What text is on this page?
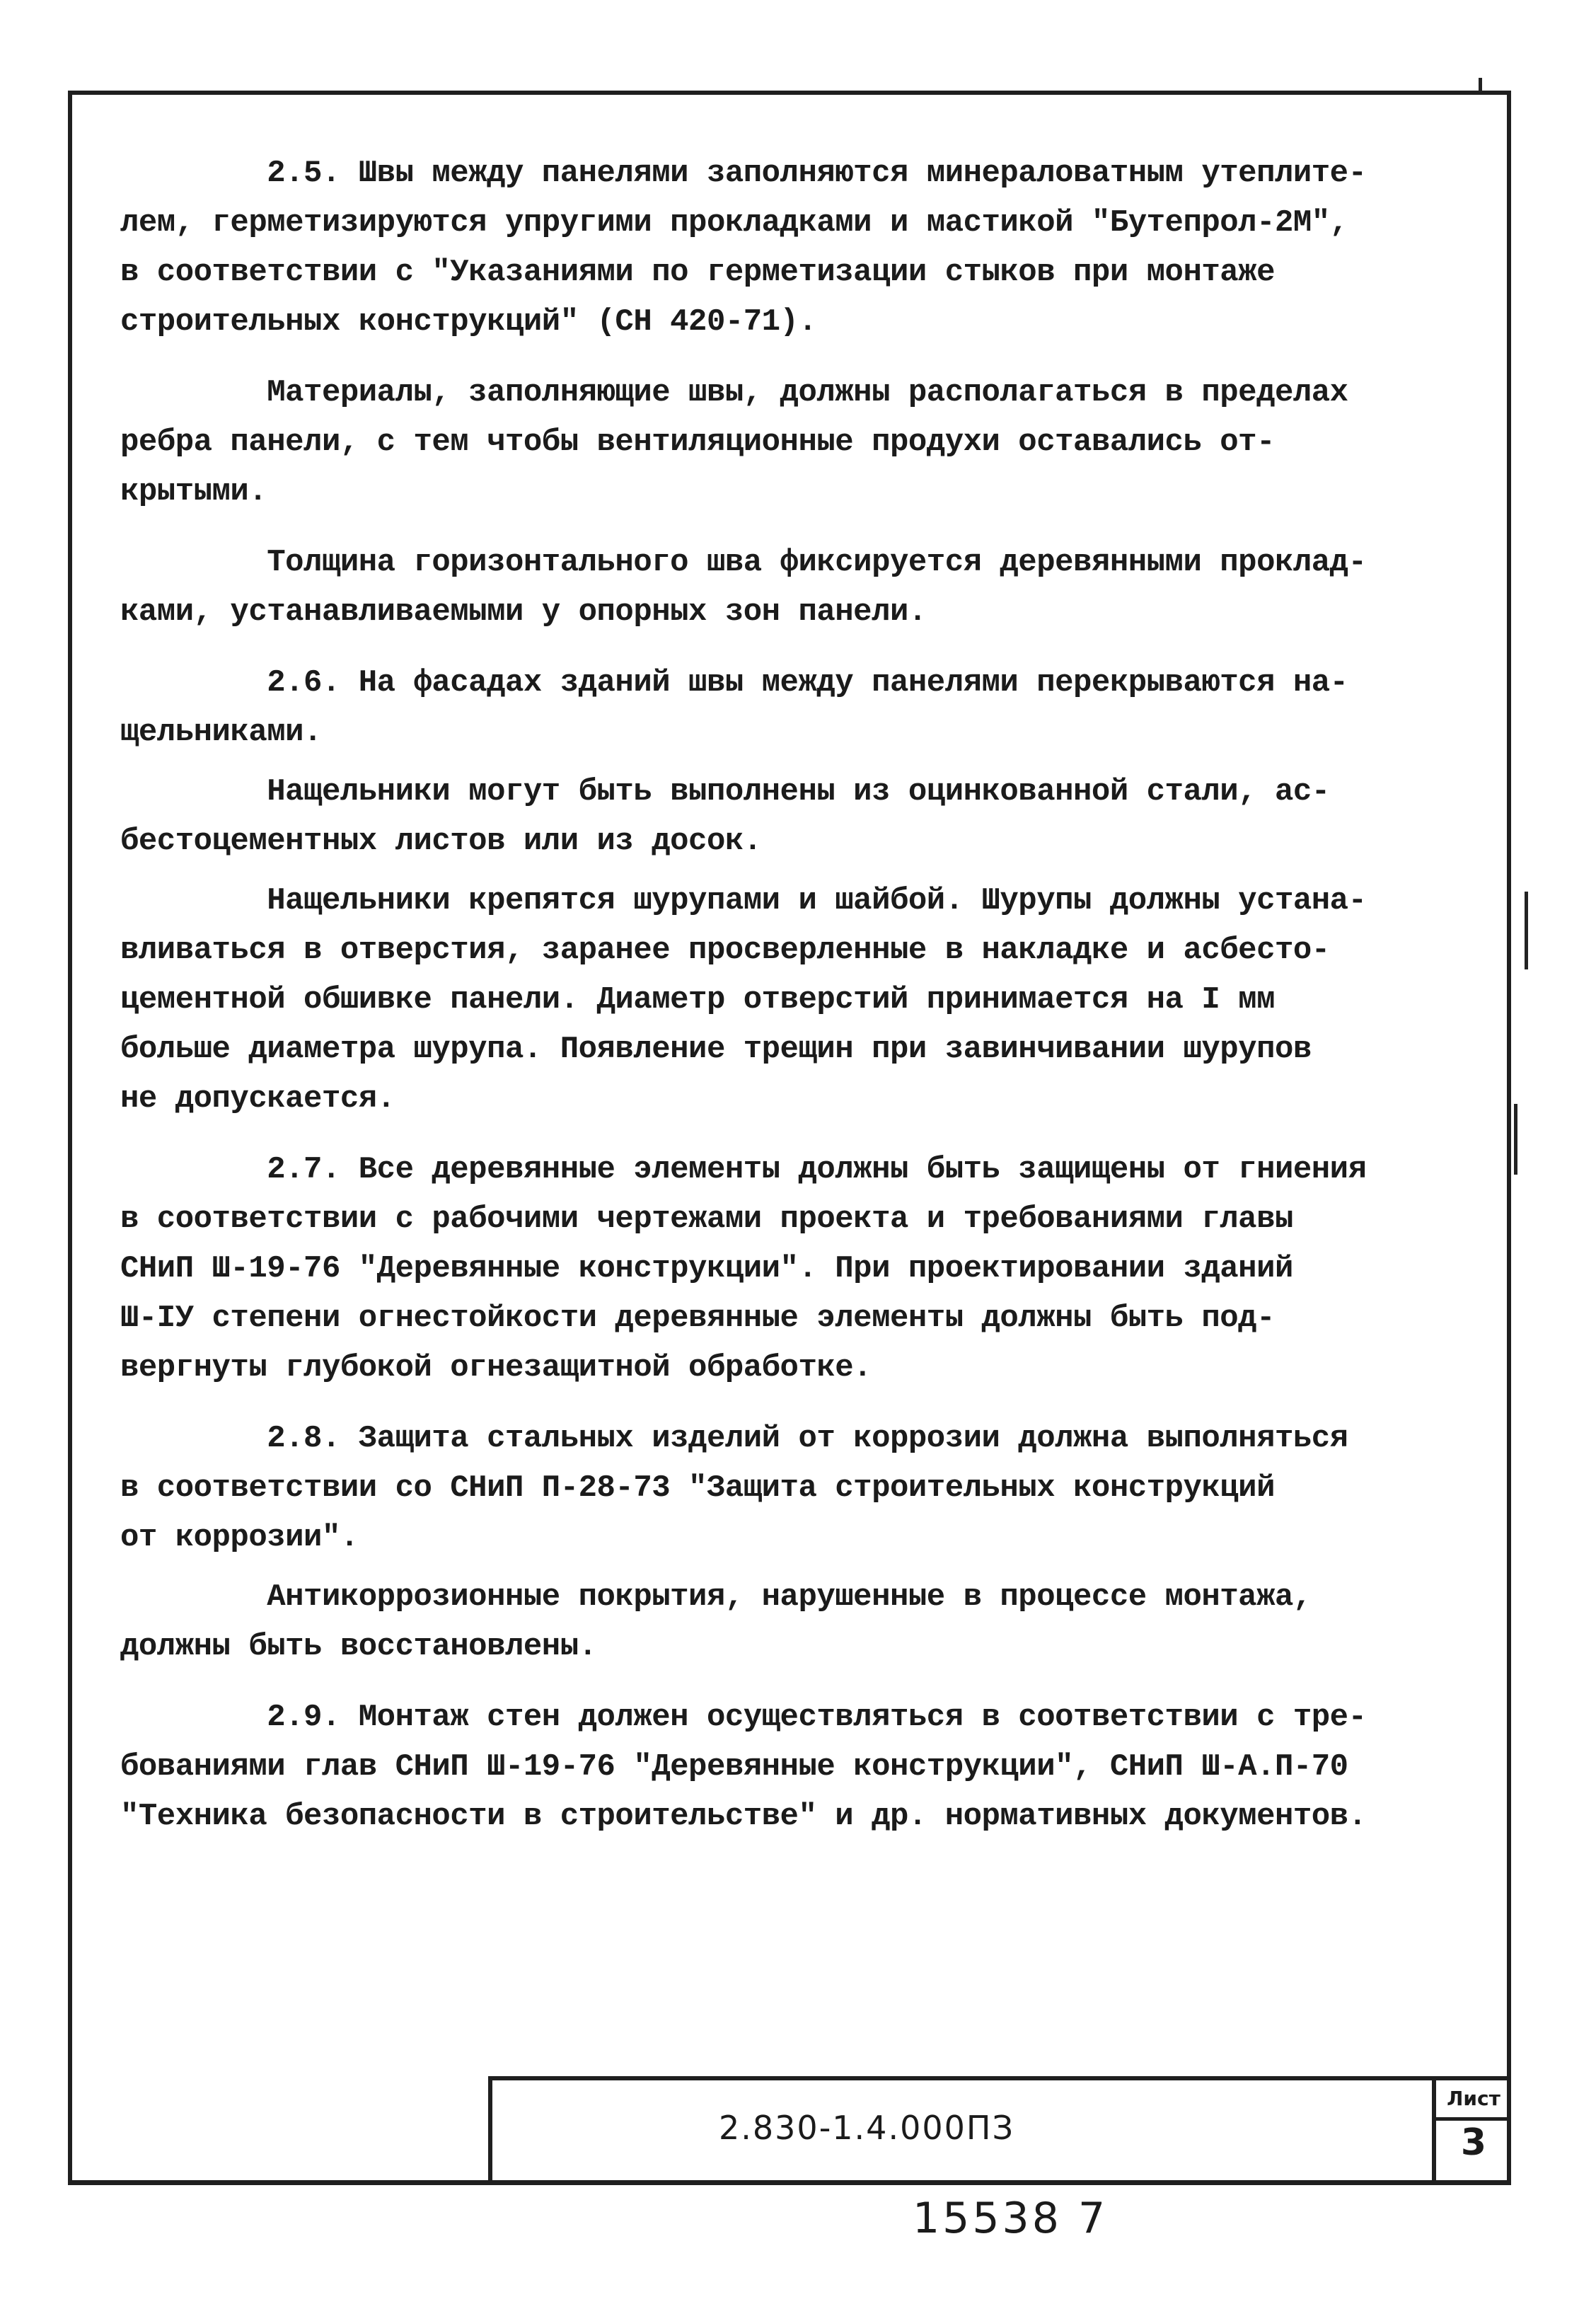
2.5. Швы между панелями заполняются минераловатным утеплите-

лем, герметизируются упругими прокладками и мастикой "Бутепрол-2М",

в соответствии с "Указаниями по герметизации стыков при монтаже

строительных конструкций" (СН 420-71).

Материалы, заполняющие швы, должны располагаться в пределах

ребра панели, с тем чтобы вентиляционные продухи оставались от-

крытыми.

Толщина горизонтального шва фиксируется деревянными проклад-

ками, устанавливаемыми у опорных зон панели.

2.6. На фасадах зданий швы между панелями перекрываются на-

щельниками.

Нащельники могут быть выполнены из оцинкованной стали, ас-

бестоцементных листов или из досок.

Нащельники крепятся шурупами и шайбой. Шурупы должны устана-

вливаться в отверстия, заранее просверленные в накладке и асбесто-

цементной обшивке панели. Диаметр отверстий принимается на I мм

больше диаметра шурупа. Появление трещин при завинчивании шурупов

не допускается.

2.7. Все деревянные элементы должны быть защищены от гниения

в соответствии с рабочими чертежами проекта и требованиями главы

СНиП Ш-19-76 "Деревянные конструкции". При проектировании зданий

Ш-IУ степени огнестойкости деревянные элементы должны быть под-

вергнуты глубокой огнезащитной обработке.

2.8. Защита стальных изделий от коррозии должна выполняться

в соответствии со СНиП П-28-73 "Защита строительных конструкций

от коррозии".

Антикоррозионные покрытия, нарушенные в процессе монтажа,

должны быть восстановлены.

2.9. Монтаж стен должен осуществляться в соответствии с тре-

бованиями глав СНиП Ш-19-76 "Деревянные конструкции", СНиП Ш-А.П-70

"Техника безопасности в строительстве" и др. нормативных документов.

2.830-1.4.000ПЗ
Лист
3
15538 7
